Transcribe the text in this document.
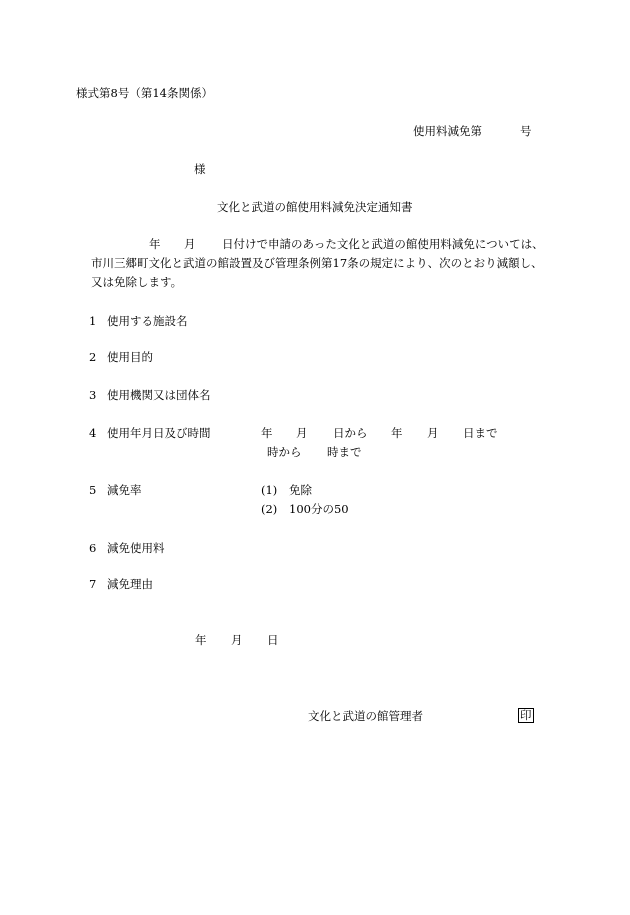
様式第8号（第14条関係）
使用料減免第	号
様
文化と武道の館使用料減免決定通知書
年 月 日付けで申請のあった文化と武道の館使用料減免については、
市川三郷町文化と武道の館設置及び管理条例第17条の規定により、次のとおり減額し、
又は免除します。
1 使用する施設名
2 使用目的
3 使用機関又は団体名
4 使用年月日及び時間	年 月 日から 年 月 日まで
時から 時まで
5 減免率	(1) 免除
(2) 100分の50
6 減免使用料
7 減免理由
年 月 日
文化と武道の館管理者	印
